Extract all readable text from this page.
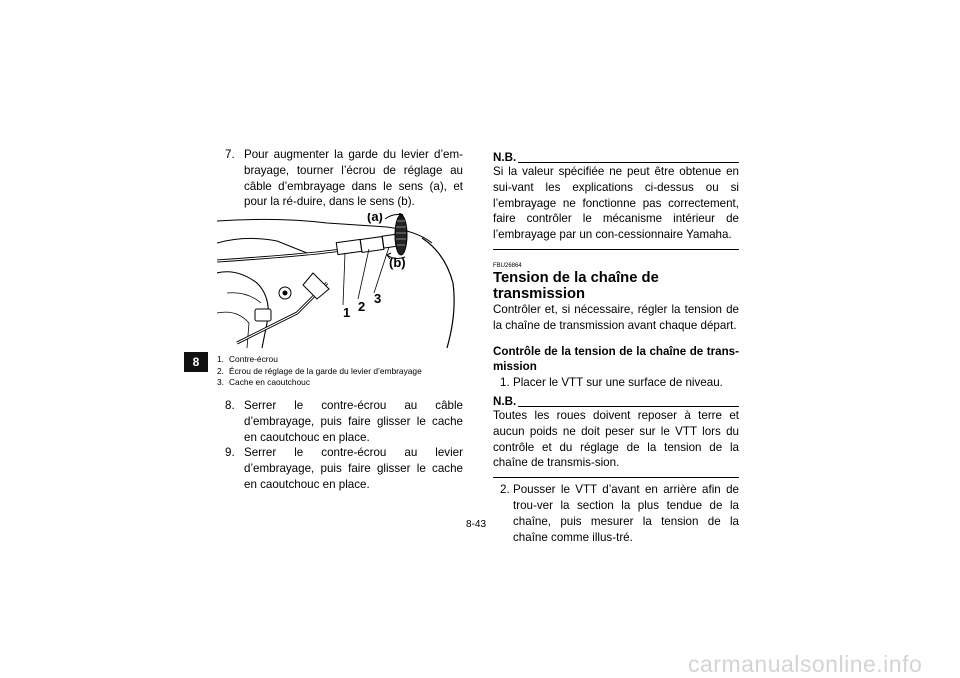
8
7. Pour augmenter la garde du levier d’em-brayage, tourner l’écrou de réglage au câble d’embrayage dans le sens (a), et pour la ré-duire, dans le sens (b).
(a)
(b)
1 2
3
1. Contre-écrou
2. Écrou de réglage de la garde du levier d’embrayage
3. Cache en caoutchouc
8. Serrer le contre-écrou au câble d’embrayage, puis faire glisser le cache en caoutchouc en place.
9. Serrer le contre-écrou au levier d’embrayage, puis faire glisser le cache en caoutchouc en place.
N.B.

Si la valeur spécifiée ne peut être obtenue en sui-vant les explications ci-dessus ou si l’embrayage ne fonctionne pas correctement, faire contrôler le mécanisme intérieur de l’embrayage par un con-cessionnaire Yamaha.

FBU26864

Tension de la chaîne de transmission

Contrôler et, si nécessaire, régler la tension de la chaîne de transmission avant chaque départ.

Contrôle de la tension de la chaîne de trans-mission

1. Placer le VTT sur une surface de niveau.
N.B.

Toutes les roues doivent reposer à terre et aucun poids ne doit peser sur le VTT lors du contrôle et du réglage de la tension de la chaîne de transmis-sion.

2. Pousser le VTT d’avant en arrière afin de trou-ver la section la plus tendue de la chaîne, puis mesurer la tension de la chaîne comme illus-tré.
8-43
carmanualsonline.info
